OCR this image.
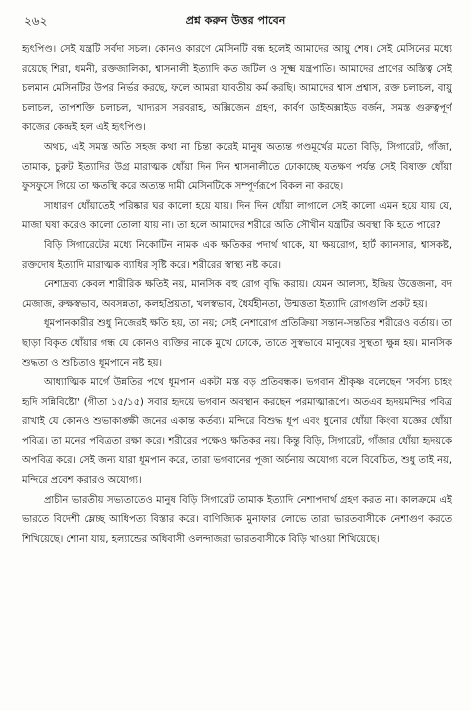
২৬২	প্রশ্ন করুন উত্তর পাবেন

হৃৎপিণ্ড। সেই যন্ত্রটি সর্বদা সচল। কোনও কারণে মেসিনটি বন্ধ হলেই আমাদের আয়ু শেষ। সেই মেসিনের মধ্যে রয়েছে শিরা, ধমনী, রক্তজালিকা, শ্বাসনালী ইত্যাদি কত জটিল ও সূক্ষ্ম যন্ত্রপাতি। আমাদের প্রাণের অস্তিত্ব সেই চলমান মেসিনটির উপর নির্ভর করছে, ফলে আমরা যাবতীয় কর্ম করছি। আমাদের শ্বাস প্রশ্বাস, রক্ত চলাচল, বায়ু চলাচল, তাপশক্তি চলাচল, খাদ্যরস সরবরাহ, অক্সিজেন গ্রহণ, কার্বণ ডাইঅক্সাইড বর্জন, সমস্ত গুরুত্বপূর্ণ কাজের কেন্দ্রই হল এই হৃৎপিণ্ড।

অথচ, এই সমস্ত অতি সহজ কথা না চিন্তা করেই মানুষ অত্যন্ত গণ্ডমূর্খের মতো বিড়ি, সিগারেট, গাঁজা, তামাক, চুরুট ইত্যাদির উগ্র মারাত্মক ধোঁয়া দিন দিন শ্বাসনালীতে ঢোকাচ্ছে যতক্ষণ পর্যন্ত সেই বিষাক্ত ধোঁয়া ফুসফুসে গিয়ে তা ক্ষতস্থি করে অত্যন্ত দামী মেসিনটিকে সম্পূর্ণরূপে বিকল না করছে।

সাধারণ ধোঁয়াতেই পরিষ্কার ঘর কালো হয়ে যায়। দিন দিন ধোঁয়া লাগালে সেই কালো এমন হয়ে যায় যে, মাজা ঘষা করেও কালো তোলা যায় না। তা হলে আমাদের শরীরে অতি সৌখীন যন্ত্রটির অবস্থা কি হতে পারে?

বিড়ি সিগারেটের মধ্যে নিকোটিন নামক এক ক্ষতিকর পদার্থ থাকে, যা ক্ষয়রোগ, হার্ট ক্যানসার, শ্বাসকষ্ট, রক্তদোষ ইত্যাদি মারাত্মক ব্যাধির সৃষ্টি করে। শরীরের স্বাস্থ্য নষ্ট করে।

নেশাদ্রব্য কেবল শারীরিক ক্ষতিই নয়, মানসিক বহু রোগ বৃদ্ধি করায়। যেমন আলস্য, ইন্দ্রিয় উত্তেজনা, বদ মেজাজ, রুক্ষস্বভাব, অবসন্নতা, কলহপ্রিয়তা, খলস্বভাব, ধৈর্যহীনতা, উন্মত্ততা ইত্যাদি রোগগুলি প্রকট হয়।

ধূমপানকারীর শুধু নিজেরই ক্ষতি হয়, তা নয়; সেই নেশারোগ প্রতিক্রিয়া সন্তান-সন্ততির শরীরেও বর্তায়। তা ছাড়া বিকৃত ধোঁয়ার গন্ধ যে কোনও ব্যক্তির নাকে মুখে ঢোকে, তাতে সুস্বভাবে মানুষের সুস্থতা ক্ষুন্ন হয়। মানসিক শুদ্ধতা ও শুচিতাও ধূমপানে নষ্ট হয়।

আধ্যাত্মিক মার্গে উন্নতির পথে ধূমপান একটা মস্ত বড় প্রতিবন্ধক। ভগবান শ্রীকৃষ্ণ বলেছেন 'সর্বস্য চাহং হৃদি সন্নিবিষ্টো' (গীতা ১৫/১৫) সবার হৃদয়ে ভগবান অবস্থান করছেন পরমাত্মারূপে। অতএব হৃদয়মন্দির পবিত্র রাখাই যে কোনও শুভাকাঙ্ক্ষী জনের একান্ত কর্তব্য। মন্দিরে বিশুদ্ধ ধূপ এবং ধুনোর ধোঁয়া কিংবা যজ্ঞের ধোঁয়া পবিত্র। তা মনের পবিত্রতা রক্ষা করে। শরীরের পক্ষেও ক্ষতিকর নয়। কিন্তু বিড়ি, সিগারেট, গাঁজার ধোঁয়া হৃদয়কে অপবিত্র করে। সেই জন্য যারা ধূমপান করে, তারা ভগবানের পূজা অর্চনায় অযোগ্য বলে বিবেচিত, শুধু তাই নয়, মন্দিরে প্রবেশ করারও অযোগ্য।

প্রাচীন ভারতীয় সভ্যতাতেও মানুষ বিড়ি সিগারেট তামাক ইত্যাদি নেশাপদার্থ গ্রহণ করত না। কালক্রমে এই ভারতে বিদেশী ম্লেচ্ছ আধিপত্য বিস্তার করে। বাণিজ্যিক মুনাফার লোভে তারা ভারতবাসীকে নেশাগুণ করতে শিখিয়েছে। শোনা যায়, হল্যান্ডের অধিবাসী ওলন্দাজরা ভারতবাসীকে বিড়ি খাওয়া শিখিয়েছে।
